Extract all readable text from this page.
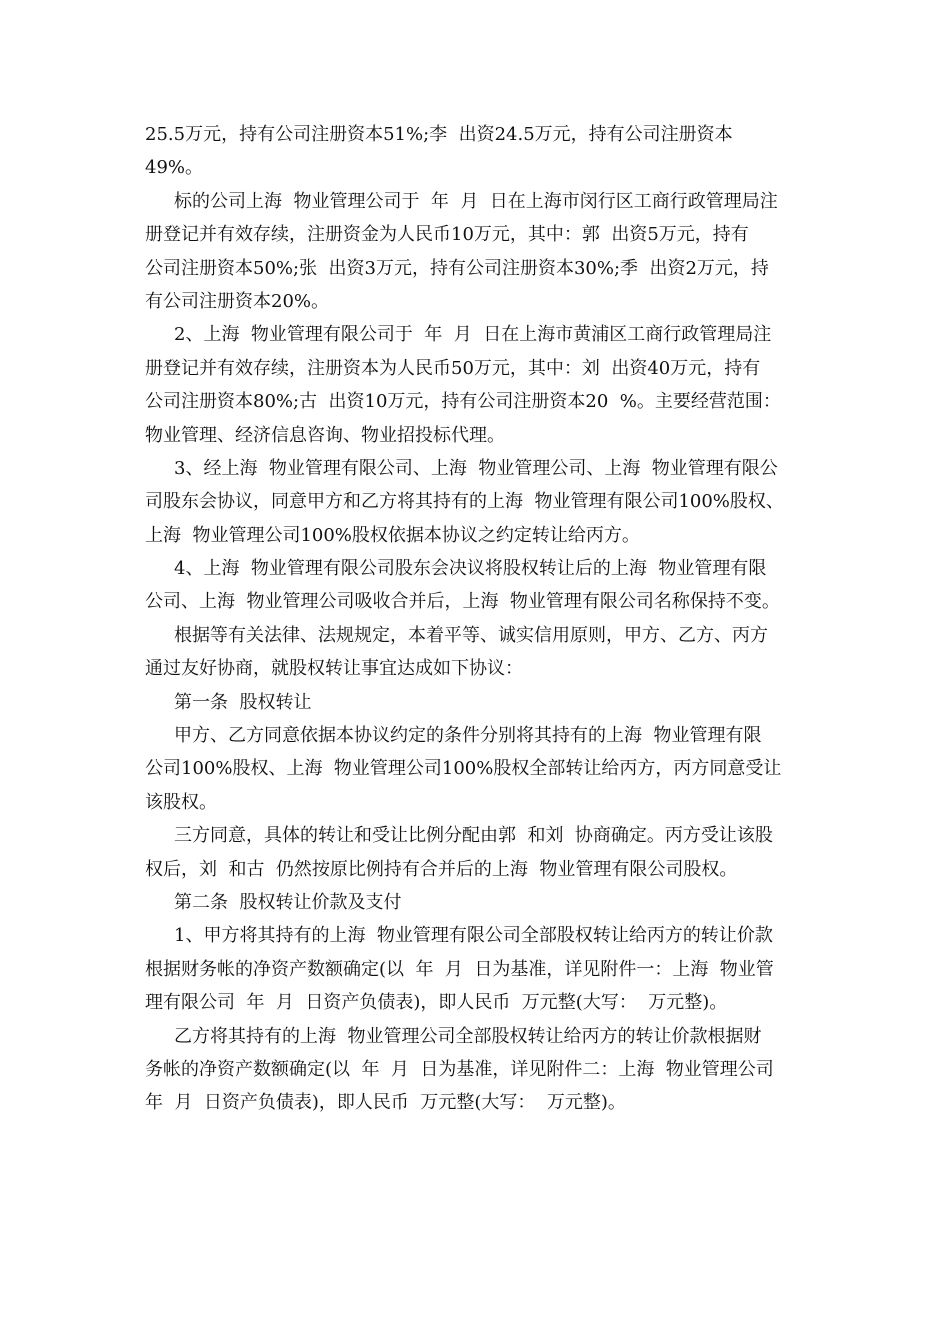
25.5万元，持有公司注册资本51%;李  出资24.5万元，持有公司注册资本
49%。
标的公司上海  物业管理公司于  年  月  日在上海市闵行区工商行政管理局注
册登记并有效存续，注册资金为人民币10万元，其中：郭  出资5万元，持有
公司注册资本50%;张  出资3万元，持有公司注册资本30%;季  出资2万元，持
有公司注册资本20%。
2、上海  物业管理有限公司于  年  月  日在上海市黄浦区工商行政管理局注
册登记并有效存续，注册资本为人民币50万元，其中：刘  出资40万元，持有
公司注册资本80%;古  出资10万元，持有公司注册资本20  %。主要经营范围：
物业管理、经济信息咨询、物业招投标代理。
3、经上海  物业管理有限公司、上海  物业管理公司、上海  物业管理有限公
司股东会协议，同意甲方和乙方将其持有的上海  物业管理有限公司100%股权、
上海  物业管理公司100%股权依据本协议之约定转让给丙方。
4、上海  物业管理有限公司股东会决议将股权转让后的上海  物业管理有限
公司、上海  物业管理公司吸收合并后，上海  物业管理有限公司名称保持不变。
根据等有关法律、法规规定，本着平等、诚实信用原则，甲方、乙方、丙方
通过友好协商，就股权转让事宜达成如下协议：
第一条  股权转让
甲方、乙方同意依据本协议约定的条件分别将其持有的上海  物业管理有限
公司100%股权、上海  物业管理公司100%股权全部转让给丙方，丙方同意受让
该股权。
三方同意，具体的转让和受让比例分配由郭  和刘  协商确定。丙方受让该股
权后，刘  和古  仍然按原比例持有合并后的上海  物业管理有限公司股权。
第二条  股权转让价款及支付
1、甲方将其持有的上海  物业管理有限公司全部股权转让给丙方的转让价款
根据财务帐的净资产数额确定(以  年  月  日为基准，详见附件一：上海  物业管
理有限公司  年  月  日资产负债表)，即人民币  万元整(大写：  万元整)。
乙方将其持有的上海  物业管理公司全部股权转让给丙方的转让价款根据财
务帐的净资产数额确定(以  年  月  日为基准，详见附件二：上海  物业管理公司
年  月  日资产负债表)，即人民币  万元整(大写：  万元整)。
